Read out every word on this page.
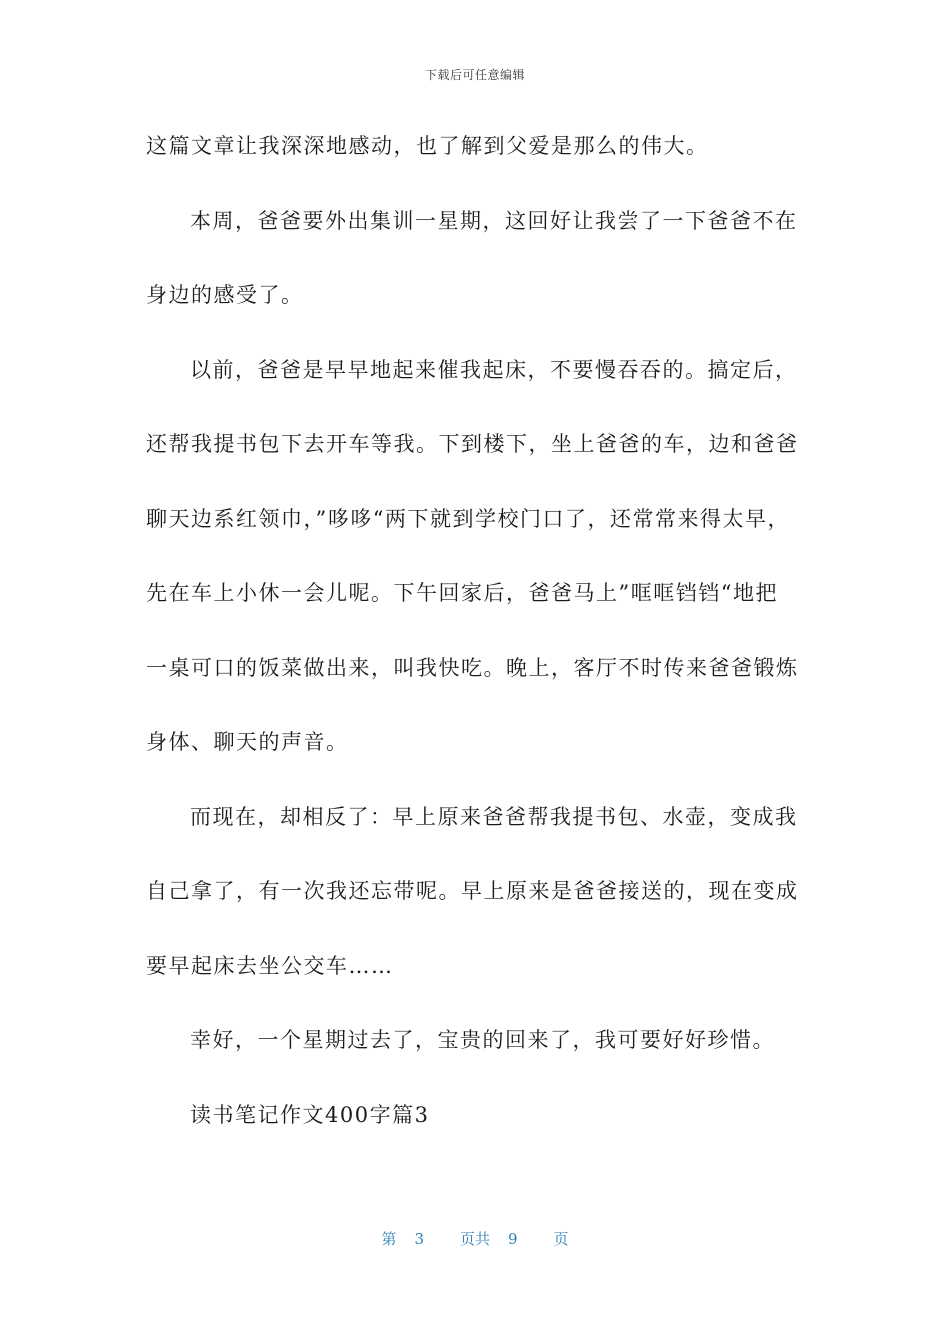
下载后可任意编辑
这篇文章让我深深地感动，也了解到父爱是那么的伟大。
本周，爸爸要外出集训一星期，这回好让我尝了一下爸爸不在
身边的感受了。
以前，爸爸是早早地起来催我起床，不要慢吞吞的。搞定后，
还帮我提书包下去开车等我。下到楼下，坐上爸爸的车，边和爸爸
聊天边系红领巾，”哆哆“两下就到学校门口了，还常常来得太早，
先在车上小休一会儿呢。下午回家后，爸爸马上”哐哐铛铛“地把
一桌可口的饭菜做出来，叫我快吃。晚上，客厅不时传来爸爸锻炼
身体、聊天的声音。
而现在，却相反了：早上原来爸爸帮我提书包、水壶，变成我
自己拿了，有一次我还忘带呢。早上原来是爸爸接送的，现在变成
要早起床去坐公交车……
幸好，一个星期过去了，宝贵的回来了，我可要好好珍惜。
读书笔记作文400字篇3
第 3 页共 9 页
